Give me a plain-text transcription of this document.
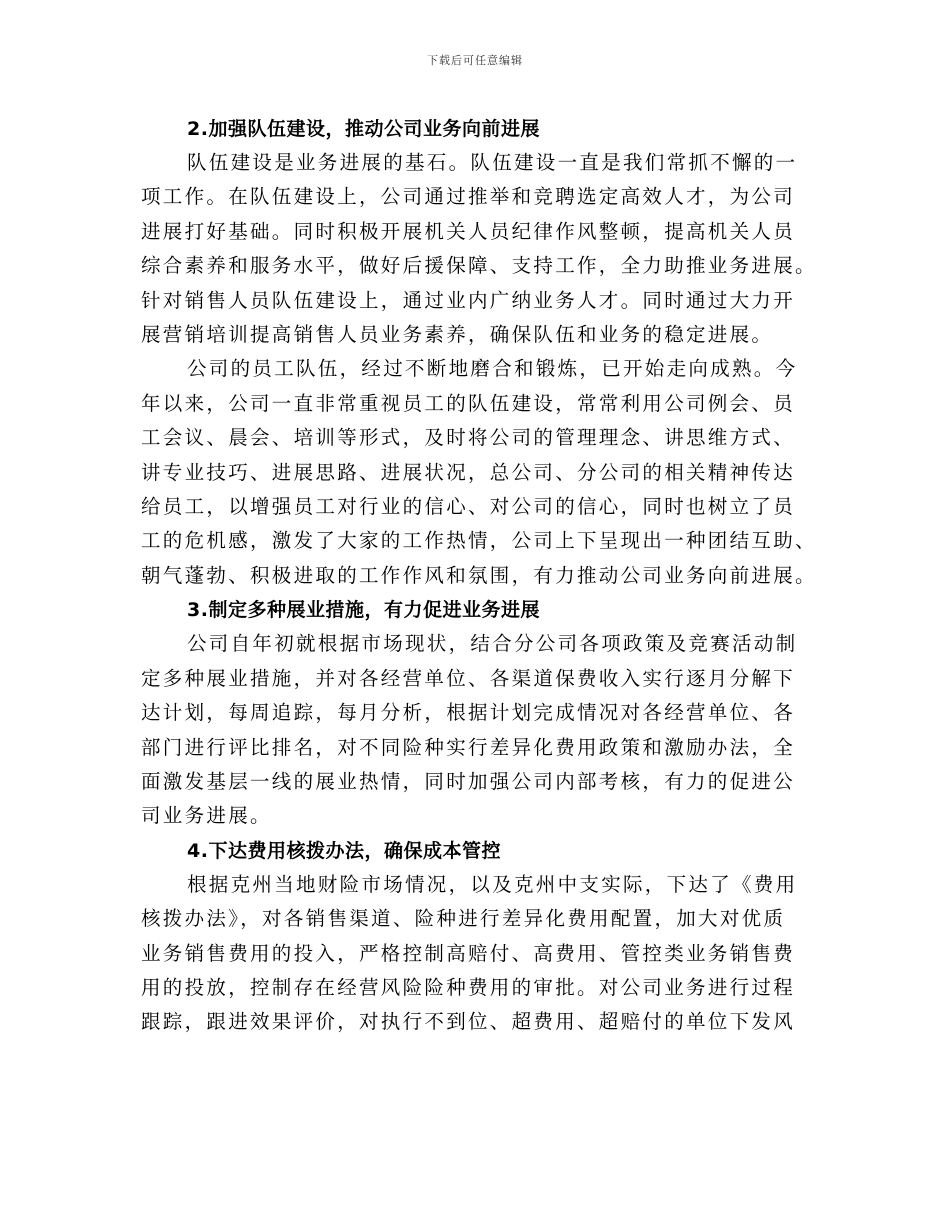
下载后可任意编辑
2.加强队伍建设，推动公司业务向前进展

队伍建设是业务进展的基石。队伍建设一直是我们常抓不懈的一
项工作。在队伍建设上，公司通过推举和竞聘选定高效人才，为公司
进展打好基础。同时积极开展机关人员纪律作风整顿，提高机关人员
综合素养和服务水平，做好后援保障、支持工作，全力助推业务进展。
针对销售人员队伍建设上，通过业内广纳业务人才。同时通过大力开
展营销培训提高销售人员业务素养，确保队伍和业务的稳定进展。

公司的员工队伍，经过不断地磨合和锻炼，已开始走向成熟。今
年以来，公司一直非常重视员工的队伍建设，常常利用公司例会、员
工会议、晨会、培训等形式，及时将公司的管理理念、讲思维方式、
讲专业技巧、进展思路、进展状况，总公司、分公司的相关精神传达
给员工，以增强员工对行业的信心、对公司的信心，同时也树立了员
工的危机感，激发了大家的工作热情，公司上下呈现出一种团结互助、
朝气蓬勃、积极进取的工作作风和氛围，有力推动公司业务向前进展。

3.制定多种展业措施，有力促进业务进展

公司自年初就根据市场现状，结合分公司各项政策及竞赛活动制
定多种展业措施，并对各经营单位、各渠道保费收入实行逐月分解下
达计划，每周追踪，每月分析，根据计划完成情况对各经营单位、各
部门进行评比排名，对不同险种实行差异化费用政策和激励办法，全
面激发基层一线的展业热情，同时加强公司内部考核，有力的促进公
司业务进展。

4.下达费用核拨办法，确保成本管控

根据克州当地财险市场情况，以及克州中支实际，下达了《费用
核拨办法》，对各销售渠道、险种进行差异化费用配置，加大对优质
业务销售费用的投入，严格控制高赔付、高费用、管控类业务销售费
用的投放，控制存在经营风险险种费用的审批。对公司业务进行过程
跟踪，跟进效果评价，对执行不到位、超费用、超赔付的单位下发风
